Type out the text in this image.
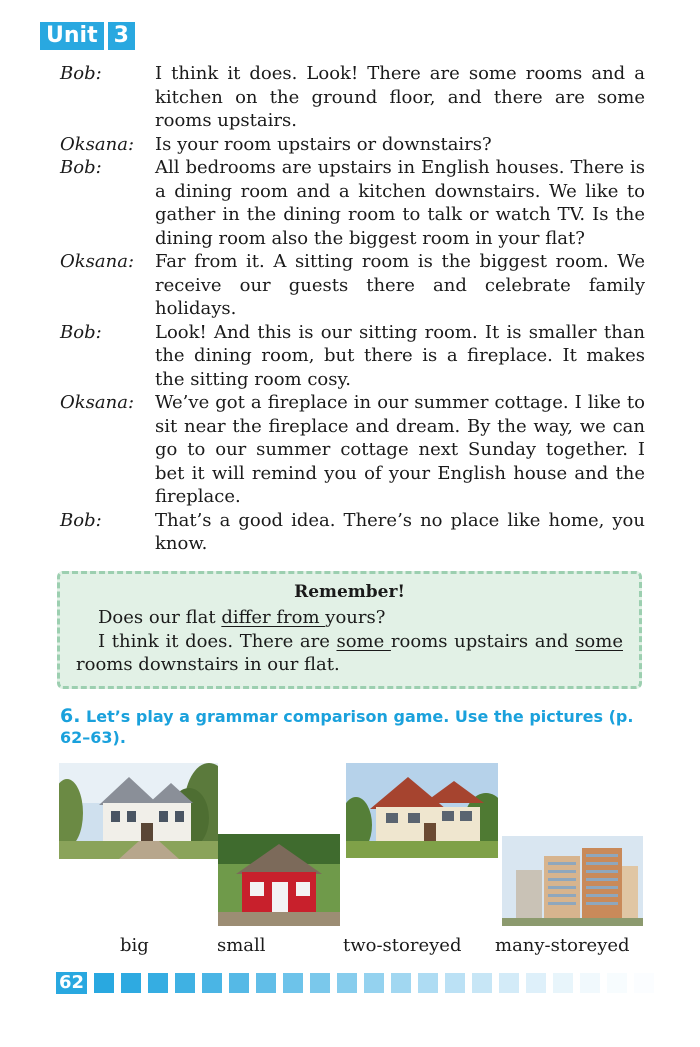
Unit 3
Bob:	I think it does. Look! There are some rooms and a kitchen on the ground floor, and there are some rooms upstairs.
Oksana:	Is your room upstairs or downstairs?
Bob:	All bedrooms are upstairs in English houses. There is a dining room and a kitchen downstairs. We like to gather in the dining room to talk or watch TV. Is the dining room also the biggest room in your flat?
Oksana:	Far from it. A sitting room is the biggest room. We receive our guests there and celebrate family holidays.
Bob:	Look! And this is our sitting room. It is smaller than the dining room, but there is a fireplace. It makes the sitting room cosy.
Oksana:	We’ve got a fireplace in our summer cottage. I like to sit near the fireplace and dream. By the way, we can go to our summer cottage next Sunday together. I bet it will remind you of your English house and the fireplace.
Bob:	That’s a good idea. There’s no place like home, you know.
Remember!

Does our flat differ from yours?

I think it does. There are some rooms upstairs and some rooms downstairs in our flat.

6. Let’s play a grammar comparison game. Use the pictures (p. 62–63).
big	small	two-storeyed many-storeyed
62
